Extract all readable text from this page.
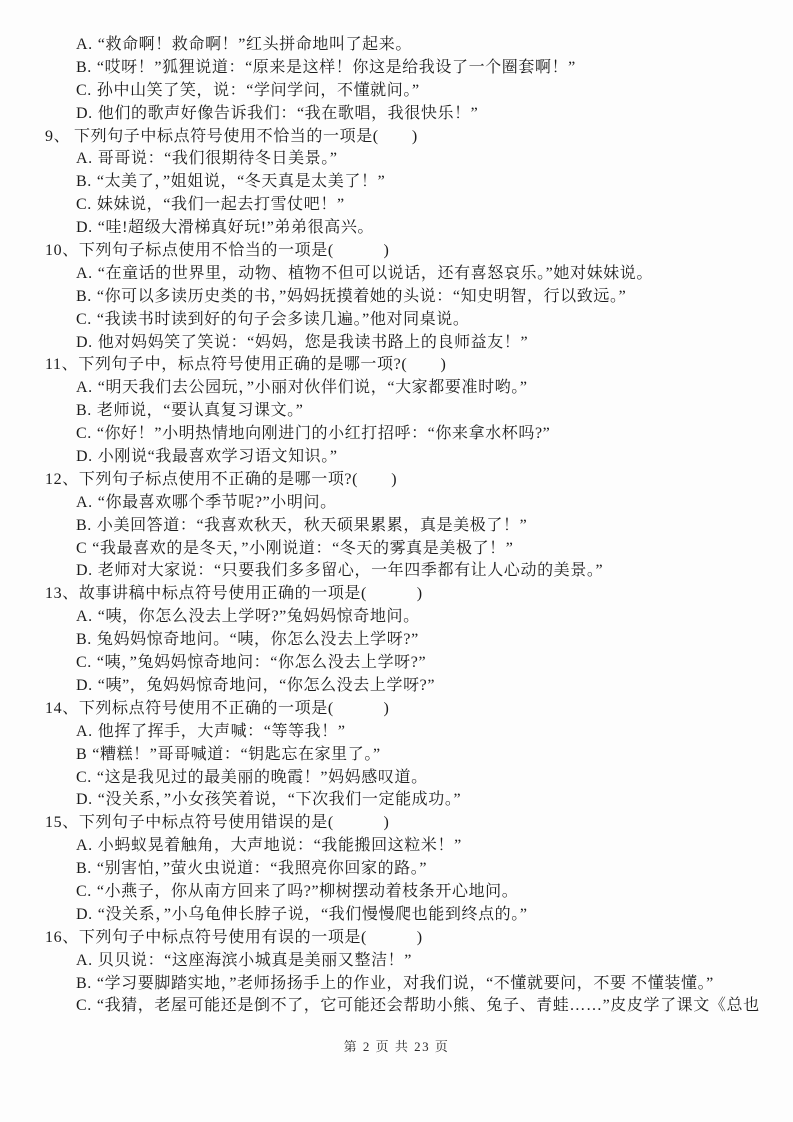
A. “救命啊！救命啊！”红头拼命地叫了起来。
B. “哎呀！”狐狸说道：“原来是这样！你这是给我设了一个圈套啊！”
C. 孙中山笑了笑，说：“学问学问，不懂就问。”
D. 他们的歌声好像告诉我们：“我在歌唱，我很快乐！”
9、 下列句子中标点符号使用不恰当的一项是(　　)
A. 哥哥说：“我们很期待冬日美景。”
B. “太美了，”姐姐说，“冬天真是太美了！”
C. 妹妹说，“我们一起去打雪仗吧！”
D. “哇!超级大滑梯真好玩!”弟弟很高兴。
10、下列句子标点使用不恰当的一项是(　　　)
A. “在童话的世界里，动物、植物不但可以说话，还有喜怒哀乐。”她对妹妹说。
B. “你可以多读历史类的书，”妈妈抚摸着她的头说：“知史明智，行以致远。”
C. “我读书时读到好的句子会多读几遍。”他对同桌说。
D. 他对妈妈笑了笑说：“妈妈，您是我读书路上的良师益友！”
11、下列句子中，标点符号使用正确的是哪一项?(　　)
A. “明天我们去公园玩，”小丽对伙伴们说，“大家都要准时哟。”
B. 老师说，“要认真复习课文。”
C. “你好！”小明热情地向刚进门的小红打招呼：“你来拿水杯吗?”
D. 小刚说“我最喜欢学习语文知识。”
12、下列句子标点使用不正确的是哪一项?(　　)
A. “你最喜欢哪个季节呢?”小明问。
B. 小美回答道：“我喜欢秋天，秋天硕果累累，真是美极了！”
C “我最喜欢的是冬天，”小刚说道：“冬天的雾真是美极了！”
D. 老师对大家说：“只要我们多多留心，一年四季都有让人心动的美景。”
13、故事讲稿中标点符号使用正确的一项是(　　　)
A. “咦，你怎么没去上学呀?”兔妈妈惊奇地问。
B. 兔妈妈惊奇地问。“咦，你怎么没去上学呀?”
C. “咦，”兔妈妈惊奇地问：“你怎么没去上学呀?”
D. “咦”，兔妈妈惊奇地问，“你怎么没去上学呀?”
14、下列标点符号使用不正确的一项是(　　　)
A. 他挥了挥手，大声喊：“等等我！”
B “糟糕！”哥哥喊道：“钥匙忘在家里了。”
C. “这是我见过的最美丽的晚霞！”妈妈感叹道。
D. “没关系，”小女孩笑着说，“下次我们一定能成功。”
15、下列句子中标点符号使用错误的是(　　　)
A. 小蚂蚁晃着触角，大声地说：“我能搬回这粒米！”
B. “别害怕，”萤火虫说道：“我照亮你回家的路。”
C. “小燕子，你从南方回来了吗?”柳树摆动着枝条开心地问。
D. “没关系，”小乌龟伸长脖子说，“我们慢慢爬也能到终点的。”
16、下列句子中标点符号使用有误的一项是(　　　)
A. 贝贝说：“这座海滨小城真是美丽又整洁！”
B. “学习要脚踏实地，”老师扬扬手上的作业，对我们说，“不懂就要问，不要 不懂装懂。”
C. “我猜，老屋可能还是倒不了，它可能还会帮助小熊、兔子、青蛙……”皮皮学了课文《总也
第 2 页 共 23 页
